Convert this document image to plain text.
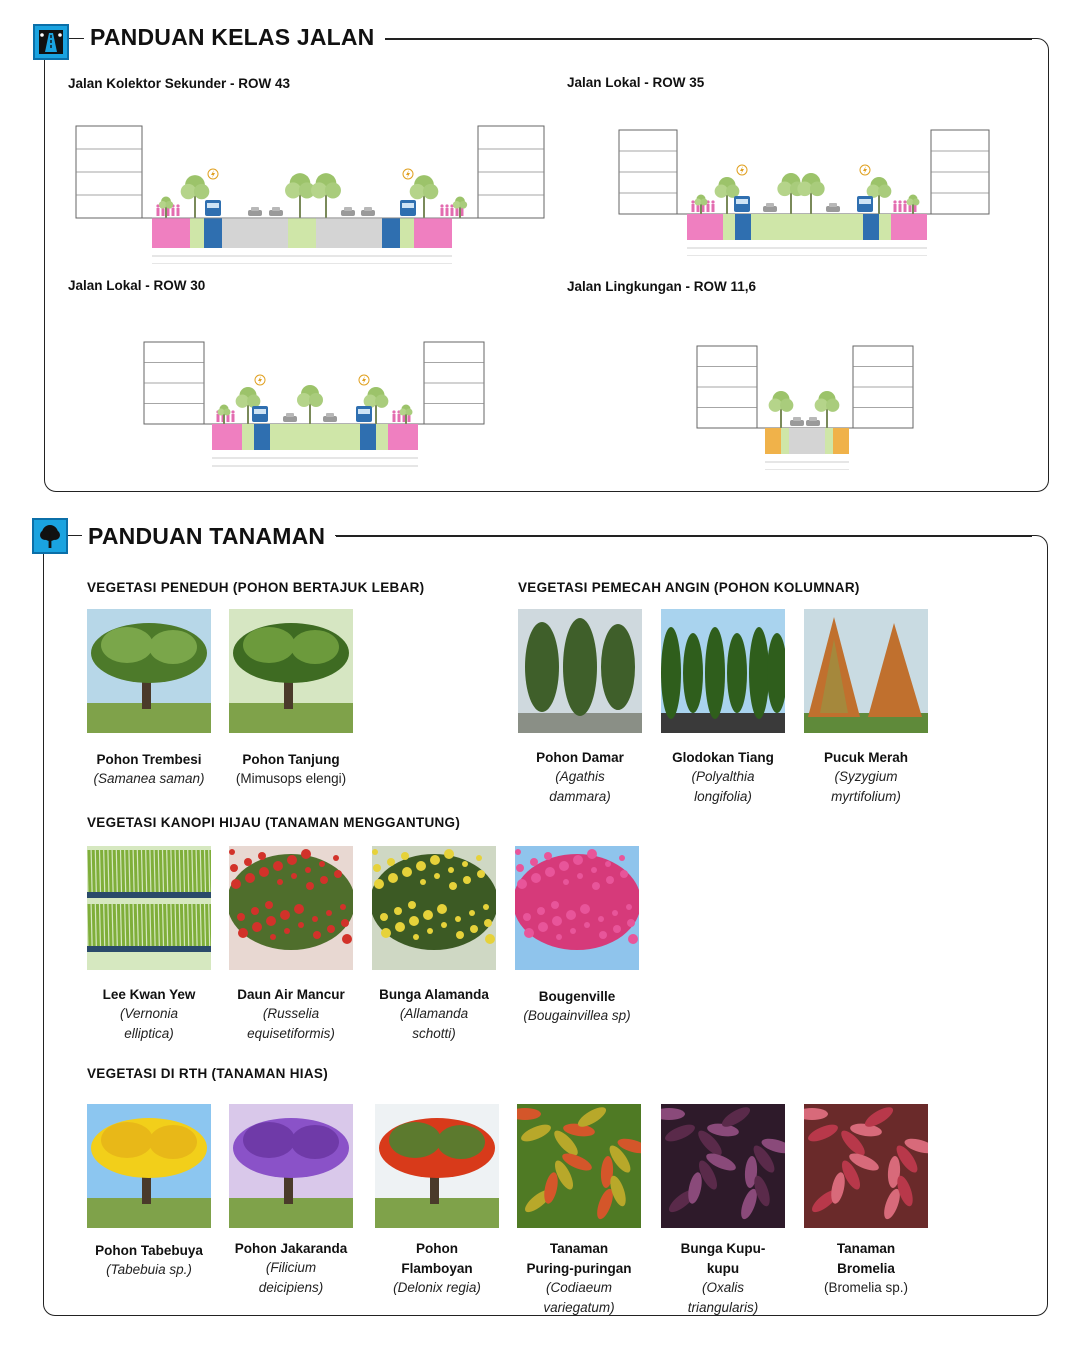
PANDUAN KELAS JALAN
Jalan Kolektor Sekunder - ROW 43	Jalan Lokal - ROW 35
Jalan Lokal - ROW 30	Jalan Lingkungan - ROW 11,6
PANDUAN TANAMAN
VEGETASI PENEDUH (POHON BERTAJUK LEBAR)	VEGETASI PEMECAH ANGIN (POHON KOLUMNAR)
VEGETASI KANOPI HIJAU (TANAMAN MENGGANTUNG)
VEGETASI DI RTH (TANAMAN HIAS)
Pohon Trembesi
(Samanea saman)
Pohon Tanjung
(Mimusops elengi)
Pohon Damar
(Agathis
dammara)
Glodokan Tiang
(Polyalthia
longifolia)
Pucuk Merah
(Syzygium
myrtifolium)
Lee Kwan Yew
(Vernonia
elliptica)
Daun Air Mancur
(Russelia
equisetiformis)
Bunga Alamanda
(Allamanda
schotti)
Bougenville
(Bougainvillea sp)
Pohon Tabebuya
(Tabebuia sp.)
Pohon Jakaranda
(Filicium
deicipiens)
Pohon
Flamboyan
(Delonix regia)
Tanaman
Puring-puringan
(Codiaeum
variegatum)
Bunga Kupu-
kupu
(Oxalis
triangularis)
Tanaman
Bromelia
(Bromelia sp.)
